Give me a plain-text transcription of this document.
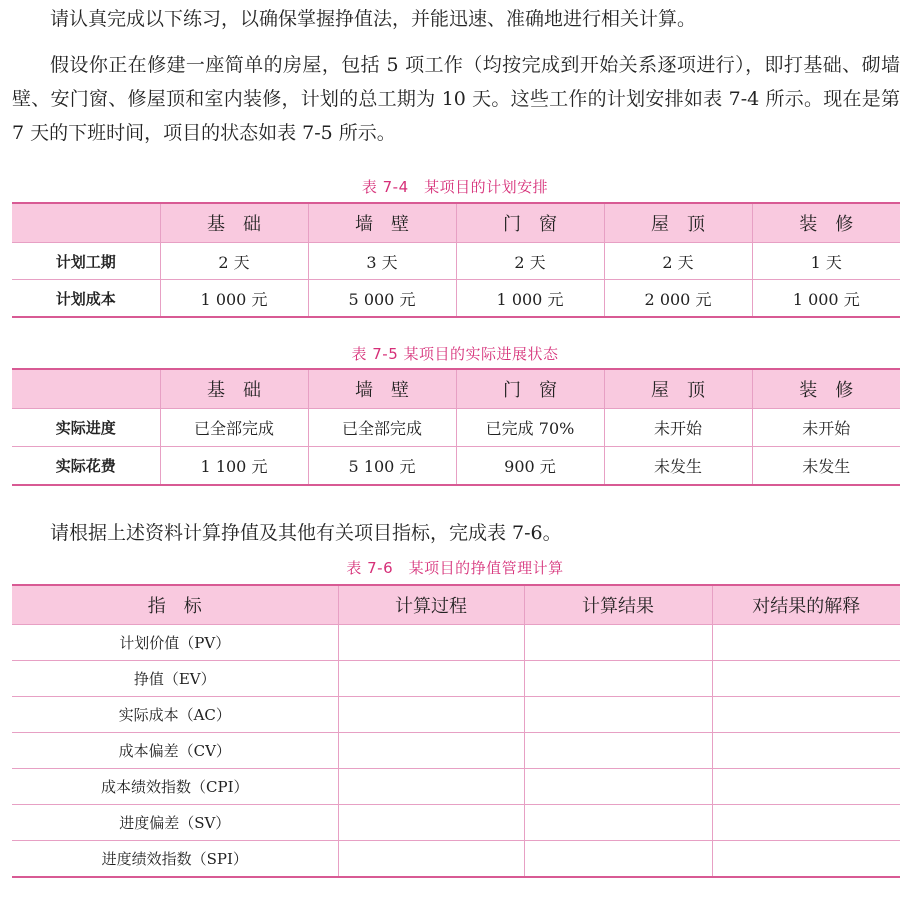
请认真完成以下练习，以确保掌握挣值法，并能迅速、准确地进行相关计算。

假设你正在修建一座简单的房屋，包括 5 项工作（均按完成到开始关系逐项进行），即打基础、砌墙壁、安门窗、修屋顶和室内装修，计划的总工期为 10 天。这些工作的计划安排如表 7-4 所示。现在是第 7 天的下班时间，项目的状态如表 7-5 所示。

表 7-4　某项目的计划安排
	基　础	墙　壁	门　窗	屋　顶	装　修
计划工期	2 天	3 天	2 天	2 天	1 天
计划成本	1 000 元	5 000 元	1 000 元	2 000 元	1 000 元
表 7-5 某项目的实际进展状态
	基　础	墙　壁	门　窗	屋　顶	装　修
实际进度	已全部完成	已全部完成	已完成 70%	未开始	未开始
实际花费	1 100 元	5 100 元	900 元	未发生	未发生

请根据上述资料计算挣值及其他有关项目指标，完成表 7-6。

表 7-6　某项目的挣值管理计算
指　标	计算过程	计算结果	对结果的解释
计划价值（PV）			
挣值（EV）			
实际成本（AC）			
成本偏差（CV）			
成本绩效指数（CPI）			
进度偏差（SV）			
进度绩效指数（SPI）			
